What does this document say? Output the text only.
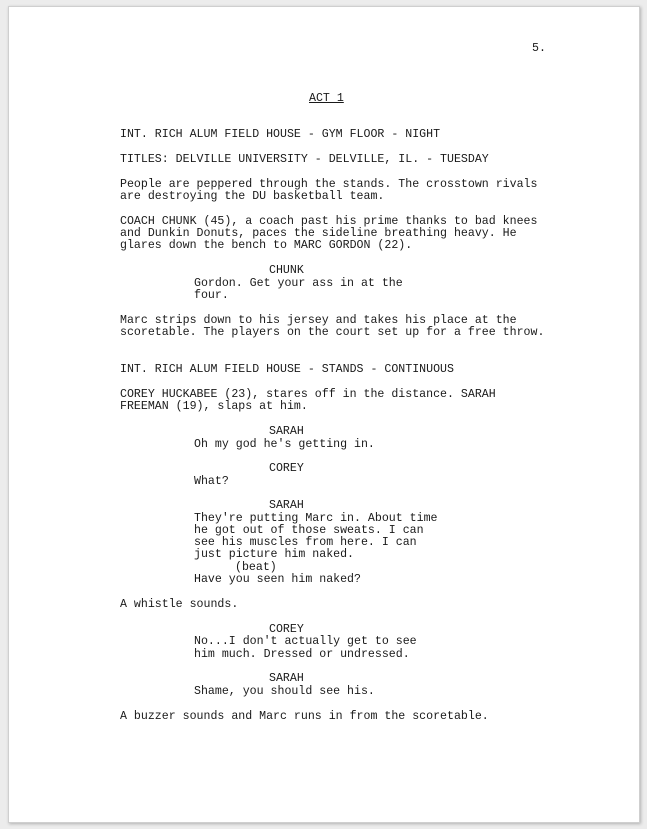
5.
ACT 1
INT. RICH ALUM FIELD HOUSE - GYM FLOOR - NIGHT
TITLES: DELVILLE UNIVERSITY - DELVILLE, IL. - TUESDAY
People are peppered through the stands. The crosstown rivals
are destroying the DU basketball team.
COACH CHUNK (45), a coach past his prime thanks to bad knees
and Dunkin Donuts, paces the sideline breathing heavy. He
glares down the bench to MARC GORDON (22).
CHUNK
Gordon. Get your ass in at the
four.
Marc strips down to his jersey and takes his place at the
scoretable. The players on the court set up for a free throw.
INT. RICH ALUM FIELD HOUSE - STANDS - CONTINUOUS
COREY HUCKABEE (23), stares off in the distance. SARAH
FREEMAN (19), slaps at him.
SARAH
Oh my god he's getting in.
COREY
What?
SARAH
They're putting Marc in. About time
he got out of those sweats. I can
see his muscles from here. I can
just picture him naked.
(beat)
Have you seen him naked?
A whistle sounds.
COREY
No...I don't actually get to see
him much. Dressed or undressed.
SARAH
Shame, you should see his.
A buzzer sounds and Marc runs in from the scoretable.
